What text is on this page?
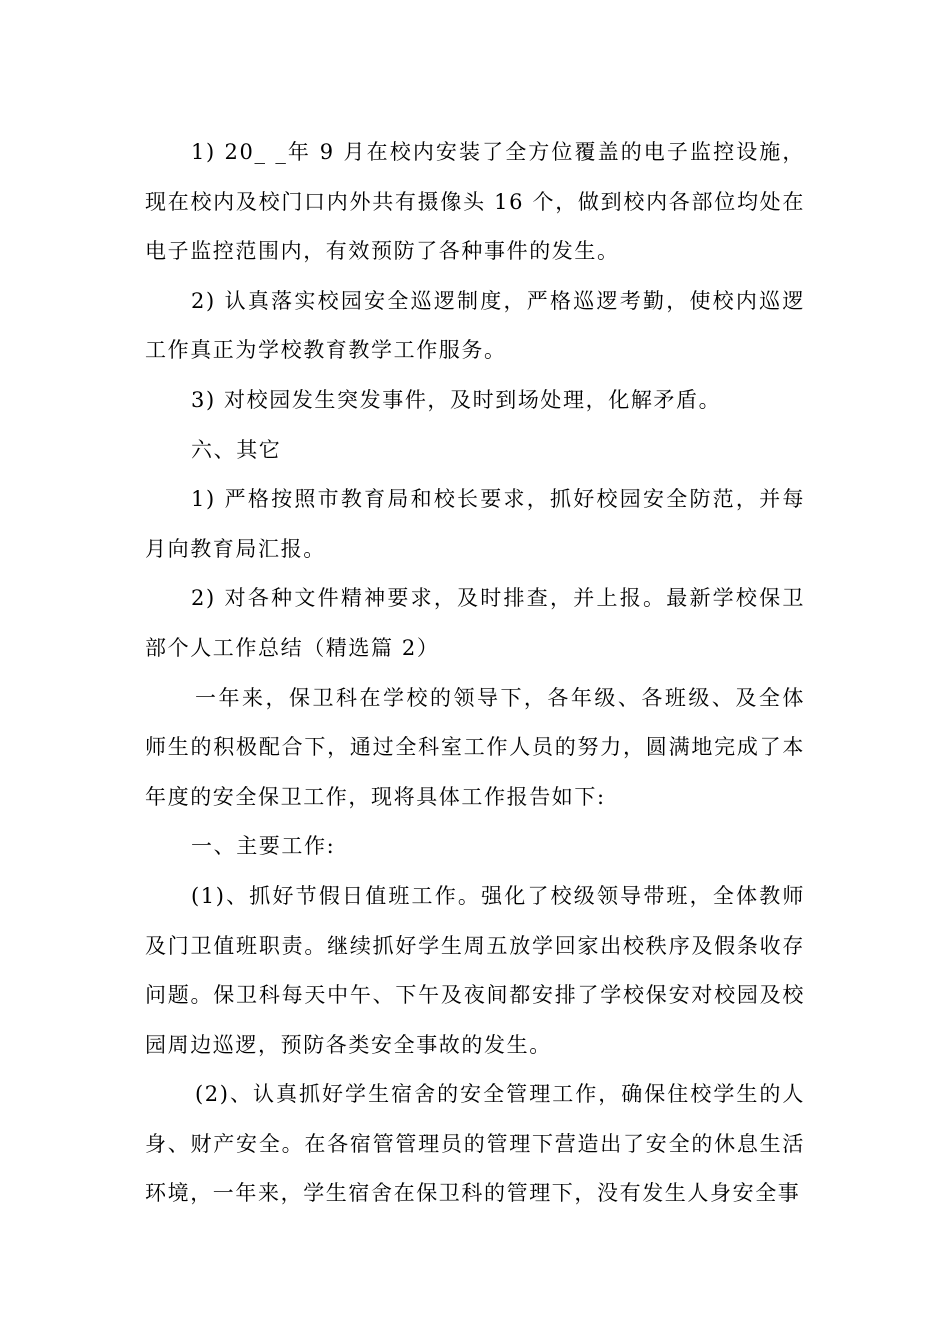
1) 20_ _年 9 月在校内安装了全方位覆盖的电子监控设施，现在校内及校门口内外共有摄像头 16 个，做到校内各部位均处在电子监控范围内，有效预防了各种事件的发生。

2) 认真落实校园安全巡逻制度，严格巡逻考勤，使校内巡逻工作真正为学校教育教学工作服务。

3) 对校园发生突发事件，及时到场处理，化解矛盾。

六、其它

1) 严格按照市教育局和校长要求，抓好校园安全防范，并每月向教育局汇报。

2) 对各种文件精神要求，及时排查，并上报。最新学校保卫部个人工作总结（精选篇 2）

一年来，保卫科在学校的领导下，各年级、各班级、及全体师生的积极配合下，通过全科室工作人员的努力，圆满地完成了本年度的安全保卫工作，现将具体工作报告如下:

一、主要工作:

(1)、抓好节假日值班工作。强化了校级领导带班，全体教师及门卫值班职责。继续抓好学生周五放学回家出校秩序及假条收存问题。保卫科每天中午、下午及夜间都安排了学校保安对校园及校园周边巡逻，预防各类安全事故的发生。

(2)、认真抓好学生宿舍的安全管理工作，确保住校学生的人身、财产安全。在各宿管管理员的管理下营造出了安全的休息生活环境，一年来，学生宿舍在保卫科的管理下，没有发生人身安全事
